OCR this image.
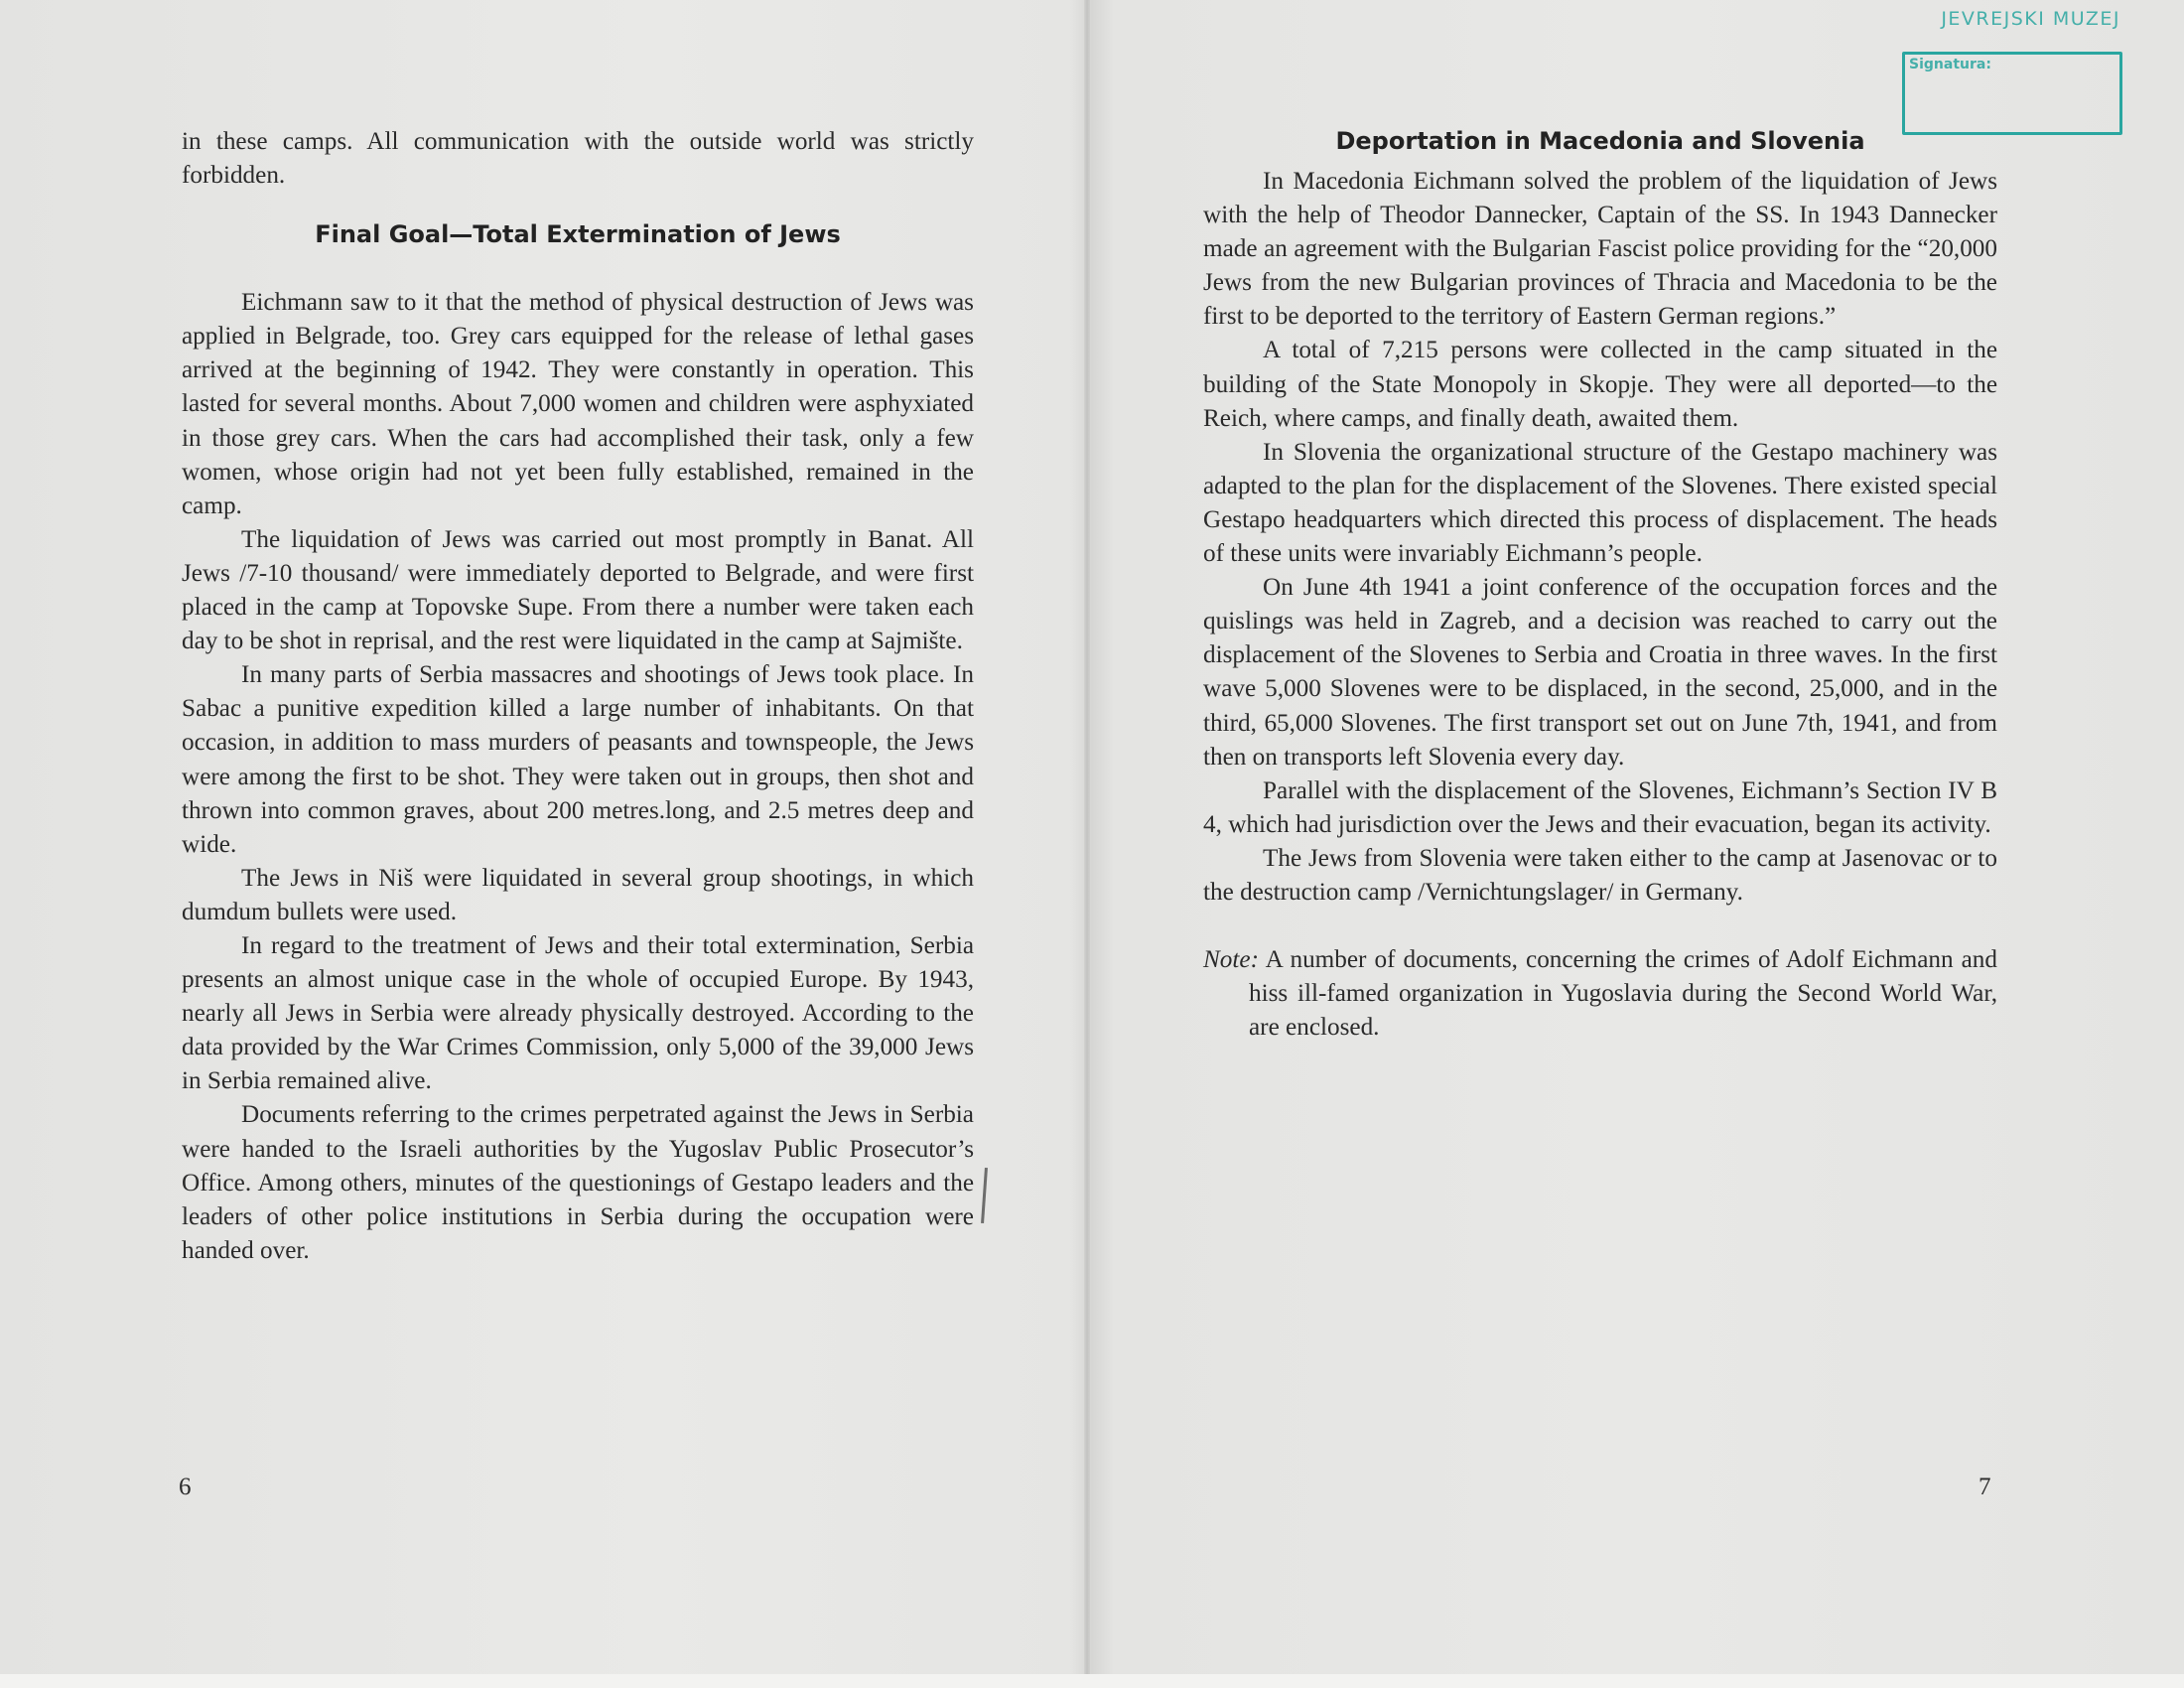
in these camps. All communication with the outside world was strictly forbidden.

Final Goal—Total Extermination of Jews

Eichmann saw to it that the method of physical destruction of Jews was applied in Belgrade, too. Grey cars equipped for the release of lethal gases arrived at the beginning of 1942. They were constantly in operation. This lasted for several months. About 7,000 women and children were asphyxiated in those grey cars. When the cars had accomplished their task, only a few women, whose origin had not yet been fully established, remained in the camp.

The liquidation of Jews was carried out most promptly in Banat. All Jews /7-10 thousand/ were immediately deported to Belgrade, and were first placed in the camp at Topovske Supe. From there a number were taken each day to be shot in reprisal, and the rest were liquidated in the camp at Sajmište.

In many parts of Serbia massacres and shootings of Jews took place. In Sabac a punitive expedition killed a large number of inhabitants. On that occasion, in addition to mass murders of peasants and townspeople, the Jews were among the first to be shot. They were taken out in groups, then shot and thrown into common graves, about 200 metres.long, and 2.5 metres deep and wide.

The Jews in Niš were liquidated in several group shootings, in which dumdum bullets were used.

In regard to the treatment of Jews and their total extermination, Serbia presents an almost unique case in the whole of occupied Europe. By 1943, nearly all Jews in Serbia were already physically destroyed. According to the data provided by the War Crimes Commission, only 5,000 of the 39,000 Jews in Serbia remained alive.

Documents referring to the crimes perpetrated against the Jews in Serbia were handed to the Israeli authorities by the Yugoslav Public Prosecutor’s Office. Among others, minutes of the questionings of Gestapo leaders and the leaders of other police institutions in Serbia during the occupation were handed over.

6
Deportation in Macedonia and Slovenia

In Macedonia Eichmann solved the problem of the liquidation of Jews with the help of Theodor Dannecker, Captain of the SS. In 1943 Dannecker made an agreement with the Bulgarian Fascist police providing for the “20,000 Jews from the new Bulgarian provinces of Thracia and Macedonia to be the first to be deported to the territory of Eastern German regions.”

A total of 7,215 persons were collected in the camp situated in the building of the State Monopoly in Skopje. They were all deported—to the Reich, where camps, and finally death, awaited them.

In Slovenia the organizational structure of the Gestapo machinery was adapted to the plan for the displacement of the Slovenes. There existed special Gestapo headquarters which directed this process of displacement. The heads of these units were invariably Eichmann’s people.

On June 4th 1941 a joint conference of the occupation forces and the quislings was held in Zagreb, and a decision was reached to carry out the displacement of the Slovenes to Serbia and Croatia in three waves. In the first wave 5,000 Slovenes were to be displaced, in the second, 25,000, and in the third, 65,000 Slovenes. The first transport set out on June 7th, 1941, and from then on transports left Slovenia every day.

Parallel with the displacement of the Slovenes, Eichmann’s Section IV B 4, which had jurisdiction over the Jews and their evacuation, began its activity.

The Jews from Slovenia were taken either to the camp at Jasenovac or to the destruction camp /Vernichtungslager/ in Germany.

Note: A number of documents, concerning the crimes of Adolf Eichmann and hiss ill-famed organization in Yugoslavia during the Second World War, are enclosed.

7
JEVREJSKI MUZEJ
Signatura:
